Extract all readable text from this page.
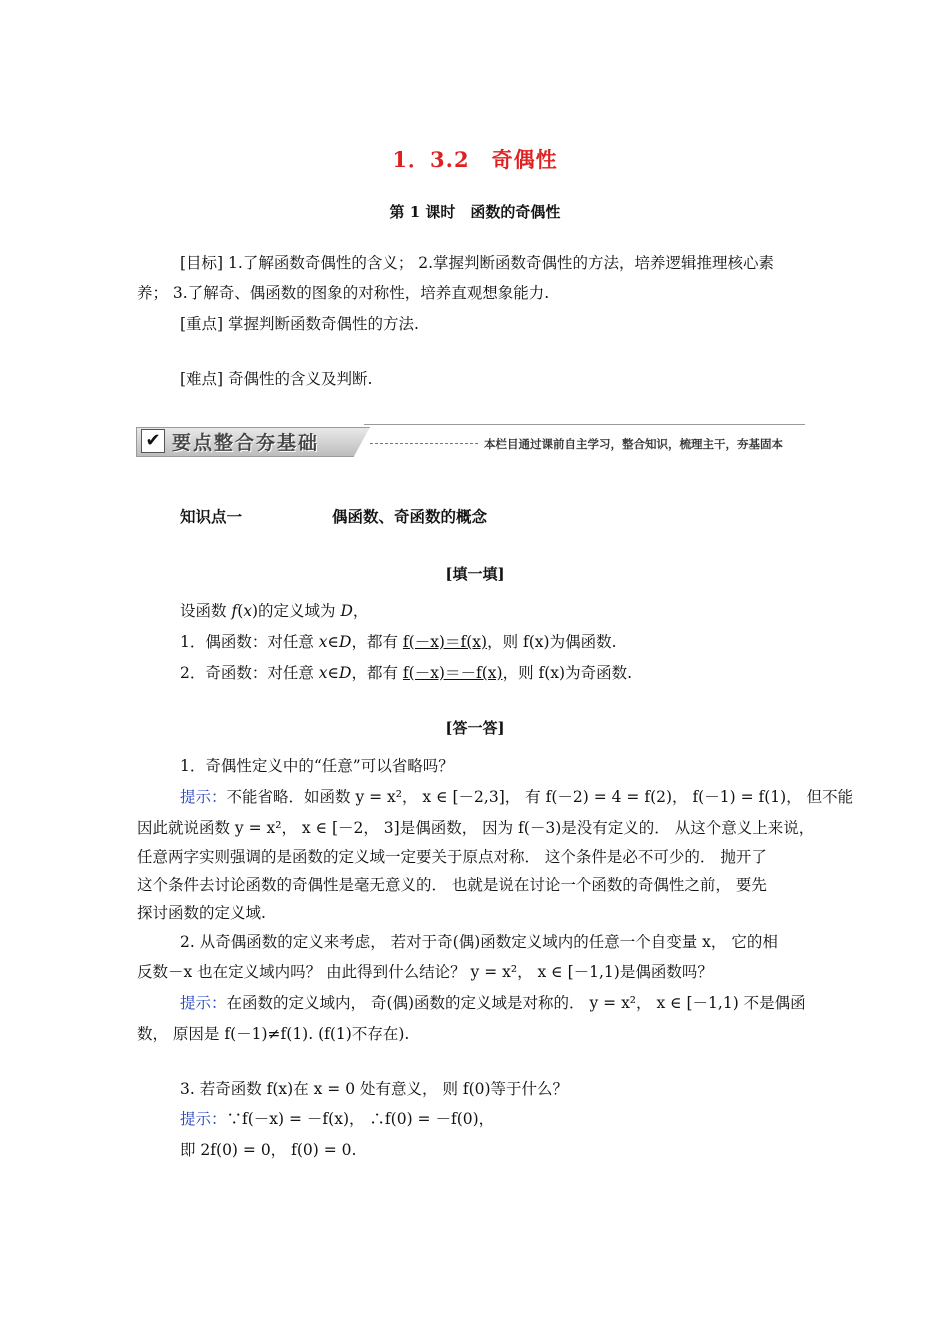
1．3.2　奇偶性
第 1 课时　函数的奇偶性
[目标] 1.了解函数奇偶性的含义； 2.掌握判断函数奇偶性的方法，培养逻辑推理核心素
养； 3.了解奇、偶函数的图象的对称性，培养直观想象能力.
[重点] 掌握判断函数奇偶性的方法.
[难点] 奇偶性的含义及判断.
✔ 要点整合夯基础	本栏目通过课前自主学习，整合知识，梳理主干，夯基固本
知识点一	偶函数、奇函数的概念
[填一填]
设函数 f(x)的定义域为 D，
1．偶函数：对任意 x∈D，都有 f(－x)＝f(x)，则 f(x)为偶函数.
2．奇函数：对任意 x∈D，都有 f(－x)＝－f(x)，则 f(x)为奇函数.
[答一答]
1．奇偶性定义中的“任意”可以省略吗？
提示：不能省略．如函数 y = x²， x ∈ [－2,3]， 有 f(－2) = 4 = f(2)， f(－1) = f(1)， 但不能
因此就说函数 y = x²， x ∈ [－2， 3]是偶函数， 因为 f(－3)是没有定义的． 从这个意义上来说，
任意两字实则强调的是函数的定义域一定要关于原点对称． 这个条件是必不可少的． 抛开了
这个条件去讨论函数的奇偶性是毫无意义的． 也就是说在讨论一个函数的奇偶性之前， 要先
探讨函数的定义域.
2. 从奇偶函数的定义来考虑， 若对于奇(偶)函数定义域内的任意一个自变量 x， 它的相
反数－x 也在定义域内吗？ 由此得到什么结论？ y = x²， x ∈ [－1,1)是偶函数吗？
提示：在函数的定义域内， 奇(偶)函数的定义域是对称的． y = x²， x ∈ [－1,1) 不是偶函
数， 原因是 f(－1)≠f(1). (f(1)不存在).
3. 若奇函数 f(x)在 x = 0 处有意义， 则 f(0)等于什么？
提示：∵f(－x) = －f(x)， ∴f(0) = －f(0)，
即 2f(0) = 0， f(0) = 0.
